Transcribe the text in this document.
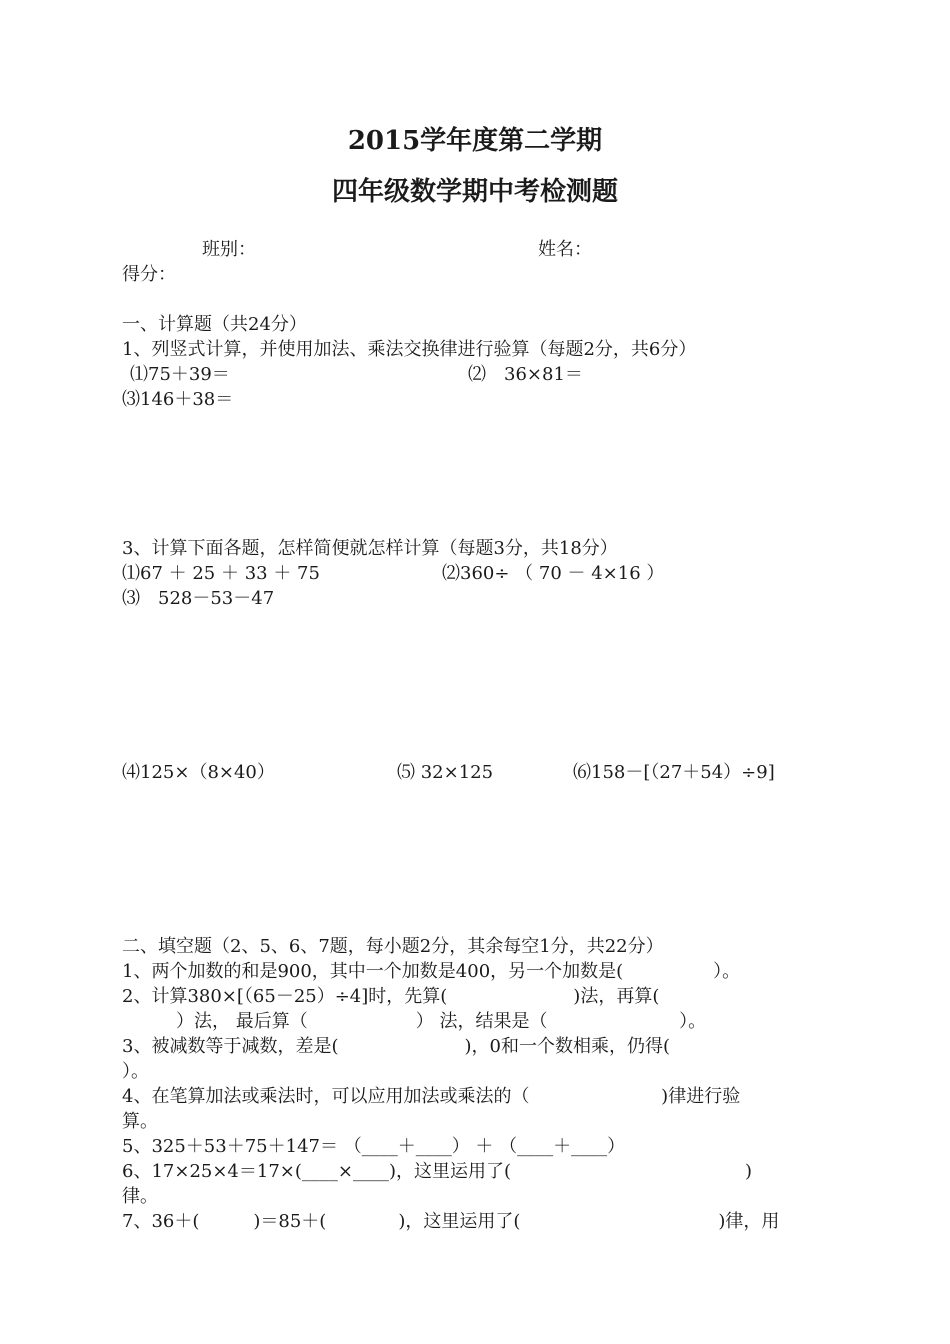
2015学年度第二学期
四年级数学期中考检测题
班别：	姓名：
得分：
一、计算题（共24分）
1、列竖式计算，并使用加法、乘法交换律进行验算（每题2分，共6分）
⑴75＋39＝	⑵　36×81＝
⑶146＋38＝
3、计算下面各题，怎样简便就怎样计算（每题3分，共18分）
⑴67 ＋ 25 ＋ 33 ＋ 75	⑵360÷ （ 70 － 4×16 ）
⑶　528－53－47
⑷125×（8×40）	⑸ 32×125	⑹158－[（27＋54）÷9]
二、填空题（2、5、6、7题，每小题2分，其余每空1分，共22分）
1、两个加数的和是900，其中一个加数是400，另一个加数是(　　　　　）。
2、计算380×[（65－25）÷4]时，先算(　　　　　　　)法，再算(
　　　）法， 最后算（　　　　　　） 法，结果是（　　　　　　　 ）。
3、被减数等于减数，差是(　　　　　　　)，0和一个数相乘，仍得(
）。
4、在笔算加法或乘法时，可以应用加法或乘法的（　　　　　　　 )律进行验
算。
5、325＋53＋75＋147＝ （____＋____） ＋ （____＋____）
6、17×25×4＝17×(____×____)，这里运用了(　　　　　　　　　　　　　)
律。
7、36＋(　　　)＝85＋(　　　　)，这里运用了(　　　　　　　　　　　)律，用
